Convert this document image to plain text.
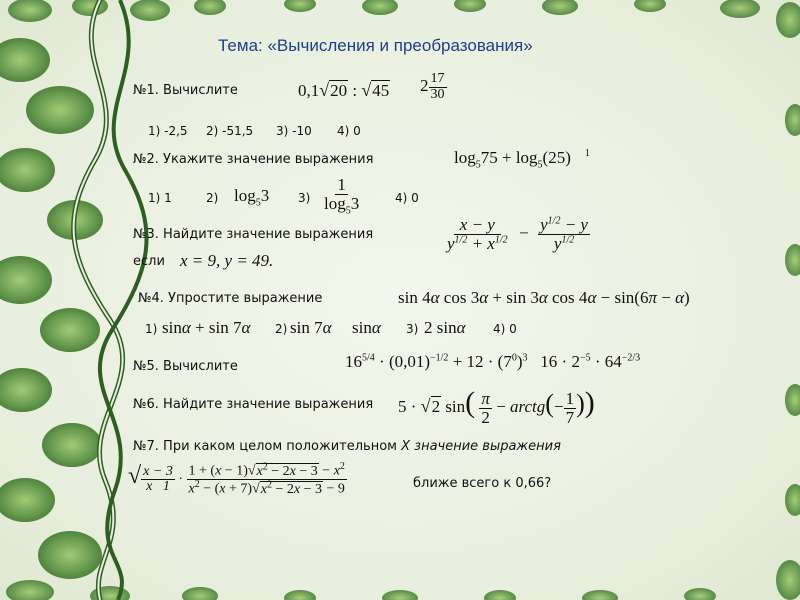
Тема: «Вычисления и преобразования»
№1. Вычислите	0,1√20 : √45 $2 \frac{17}{30}$
1) -2,5 2) -51,5 3) -10 4) 0
№2. Укажите значение выражения	$\log_575 + \log_5(25)$ $^1$
1) 1	2) $\log_53$ $3) \frac{1}{\log_53}$	4) 0
№3. Найдите значение выражения
если x = 9, y = 49.
$\frac{x - y}{y^{1/2} + x^{1/2}} - \frac{y^{1/2} - y}{y^{1/2}}$
№4. Упростите выражение	sin 4α cos 3α + sin 3α cos 4α − sin(6π − α)
1) sinα + sin 7α 2) sin 7α sinα 3) 2 sinα 4) 0
№5. Вычислите	$16^{5/4} \cdot (0,01)^{-1/2} + 12 \cdot (7^0)^3$   $16 \cdot 2^{-5} \cdot 64^{-2/3}$
№6. Найдите значение выражения 5 · √2 $\sin( \frac{\pi}{2}$ − arctg(− $\frac{1}{7}$ ))
№7. При каком целом положительном X значение выражения
√ $\frac{x - 3}{x 1} \cdot \frac{1 + (x - 1)√x^2 - 2x - 3 - x^2}{x^2 - (x + 7)√x^2 - 2x - 3 - 9}$	ближе всего к 0,66?
